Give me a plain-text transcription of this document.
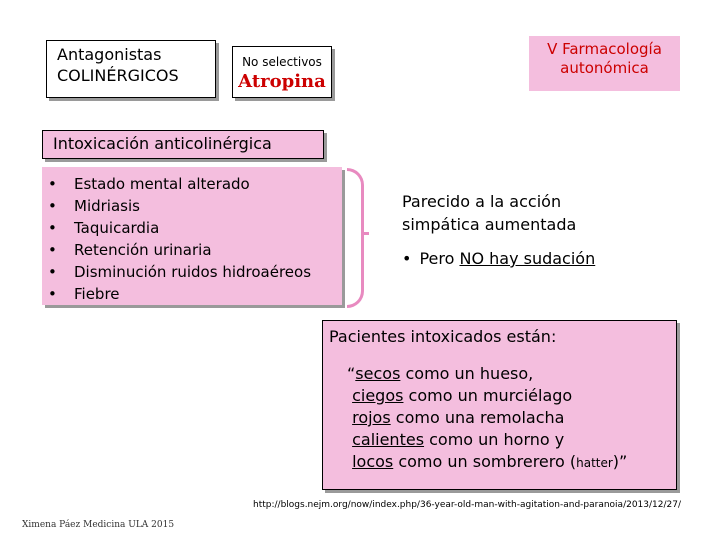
Antagonistas
COLINÉRGICOS
No selectivos
Atropina
V Farmacología
autonómica
Intoxicación anticolinérgica
• Estado mental alterado
• Midriasis
• Taquicardia
• Retención urinaria
• Disminución ruidos hidroaéreos
• Fiebre
Parecido a la acción
simpática aumentada
• Pero NO hay sudación
Pacientes intoxicados están:
“secos como un hueso,
ciegos como un murciélago
rojos como una remolacha
calientes como un horno y
locos como un sombrerero (hatter)”
http://blogs.nejm.org/now/index.php/36-year-old-man-with-agitation-and-paranoia/2013/12/27/
Ximena Páez Medicina ULA 2015
